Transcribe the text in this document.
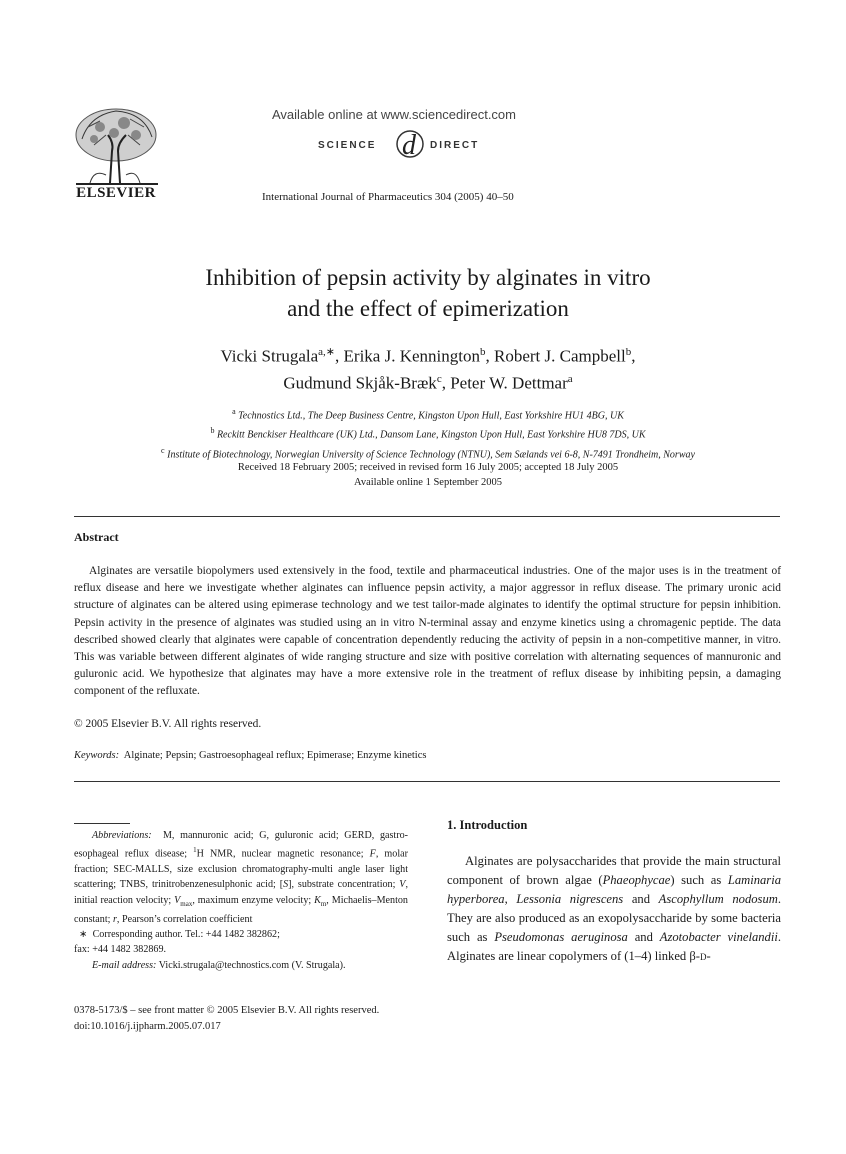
ELSEVIER
Available online at www.sciencedirect.com
SCIENCE d DIRECT
International Journal of Pharmaceutics 304 (2005) 40–50
Inhibition of pepsin activity by alginates in vitro
and the effect of epimerization
Vicki Strugala$^{a,∗}$, Erika J. Kennington$^b$, Robert J. Campbell$^b$,
Gudmund Skjåk-Bræk$^c$, Peter W. Dettmar$^a$
$^a$ Technostics Ltd., The Deep Business Centre, Kingston Upon Hull, East Yorkshire HU1 4BG, UK
$^b$ Reckitt Benckiser Healthcare (UK) Ltd., Dansom Lane, Kingston Upon Hull, East Yorkshire HU8 7DS, UK
$^c$ Institute of Biotechnology, Norwegian University of Science Technology (NTNU), Sem Sælands vei 6-8, N-7491 Trondheim, Norway
Received 18 February 2005; received in revised form 16 July 2005; accepted 18 July 2005
Available online 1 September 2005
Abstract
Alginates are versatile biopolymers used extensively in the food, textile and pharmaceutical industries. One of the major uses is in the treatment of reflux disease and here we investigate whether alginates can influence pepsin activity, a major aggressor in reflux disease. The primary uronic acid structure of alginates can be altered using epimerase technology and we test tailor-made alginates to identify the optimal structure for pepsin inhibition. Pepsin activity in the presence of alginates was studied using an in vitro N-terminal assay and enzyme kinetics using a chromagenic peptide. The data described showed clearly that alginates were capable of concentration dependently reducing the activity of pepsin in a non-competitive manner, in vitro. This was variable between different alginates of wide ranging structure and size with positive correlation with alternating sequences of mannuronic and guluronic acid. We hypothesize that alginates may have a more extensive role in the treatment of reflux disease by inhibiting pepsin, a damaging component of the refluxate.
© 2005 Elsevier B.V. All rights reserved.
Keywords: Alginate; Pepsin; Gastroesophageal reflux; Epimerase; Enzyme kinetics

Abbreviations: M, mannuronic acid; G, guluronic acid; GERD, gastro-esophageal reflux disease; $^1$H NMR, nuclear magnetic resonance; F, molar fraction; SEC-MALLS, size exclusion chromatography-multi angle laser light scattering; TNBS, trinitrobenzenesulphonic acid; [S], substrate concentration; V, initial reaction velocity; $V_{max}$, maximum enzyme velocity; $K_m$, Michaelis–Menton constant; r, Pearson’s correlation coefficient

∗ Corresponding author. Tel.: +44 1482 382862;

fax: +44 1482 382869.

E-mail address: Vicki.strugala@technostics.com (V. Strugala).

0378-5173/$ – see front matter © 2005 Elsevier B.V. All rights reserved.
doi:10.1016/j.ijpharm.2005.07.017
1. Introduction
Alginates are polysaccharides that provide the main structural component of brown algae (Phaeophycae) such as Laminaria hyperborea, Lessonia nigrescens and Ascophyllum nodosum. They are also produced as an exopolysaccharide by some bacteria such as Pseudomonas aeruginosa and Azotobacter vinelandii. Alginates are linear copolymers of (1–4) linked β-D-
